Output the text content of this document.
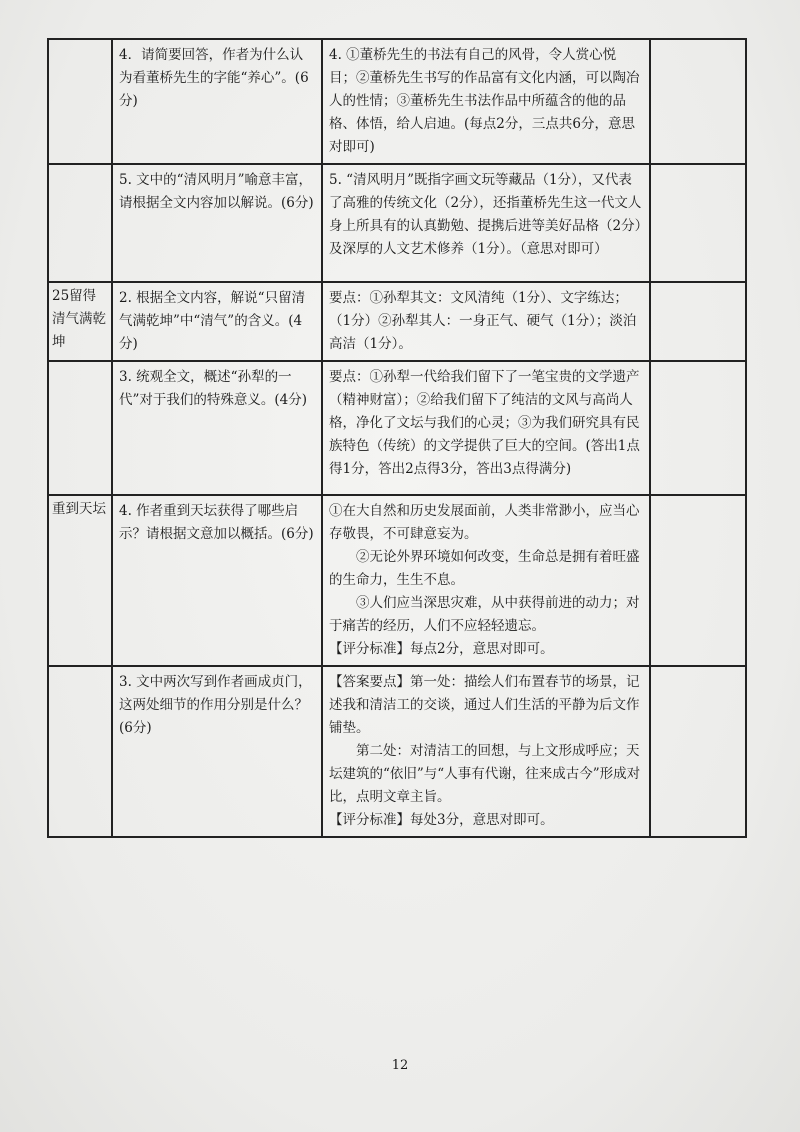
	4．请简要回答，作者为什么认为看董桥先生的字能“养心”。(6分)	4. ①董桥先生的书法有自己的风骨，令人赏心悦目；②董桥先生书写的作品富有文化内涵，可以陶冶人的性情；③董桥先生书法作品中所蕴含的他的品格、体悟，给人启迪。(每点2分，三点共6分，意思对即可)	

	5. 文中的“清风明月”喻意丰富，请根据全文内容加以解说。(6分)	5. “清风明月”既指字画文玩等藏品（1分），又代表了高雅的传统文化（2分），还指董桥先生这一代文人身上所具有的认真勤勉、提携后进等美好品格（2分）及深厚的人文艺术修养（1分）。（意思对即可）	

25留得清气满乾坤	2. 根据全文内容，解说“只留清气满乾坤”中“清气”的含义。(4分)	要点：①孙犁其文：文风清纯（1分）、文字练达；（1分）②孙犁其人：一身正气、硬气（1分）；淡泊高洁（1分）。	

	3. 统观全文，概述“孙犁的一代”对于我们的特殊意义。(4分)	要点：①孙犁一代给我们留下了一笔宝贵的文学遗产（精神财富）；②给我们留下了纯洁的文风与高尚人格，净化了文坛与我们的心灵；③为我们研究具有民族特色（传统）的文学提供了巨大的空间。(答出1点得1分，答出2点得3分，答出3点得满分)	

重到天坛	4. 作者重到天坛获得了哪些启示？请根据文意加以概括。(6分)	①在大自然和历史发展面前，人类非常渺小，应当心存敬畏，不可肆意妄为。
②无论外界环境如何改变，生命总是拥有着旺盛的生命力，生生不息。
③人们应当深思灾难，从中获得前进的动力；对于痛苦的经历，人们不应轻轻遗忘。
【评分标准】每点2分，意思对即可。	

	3. 文中两次写到作者画成贞门，这两处细节的作用分别是什么？(6分)	【答案要点】第一处：描绘人们布置春节的场景，记述我和清洁工的交谈，通过人们生活的平静为后文作铺垫。
第二处：对清洁工的回想，与上文形成呼应；天坛建筑的“依旧”与“人事有代谢，往来成古今”形成对比，点明文章主旨。
【评分标准】每处3分，意思对即可。	

12
